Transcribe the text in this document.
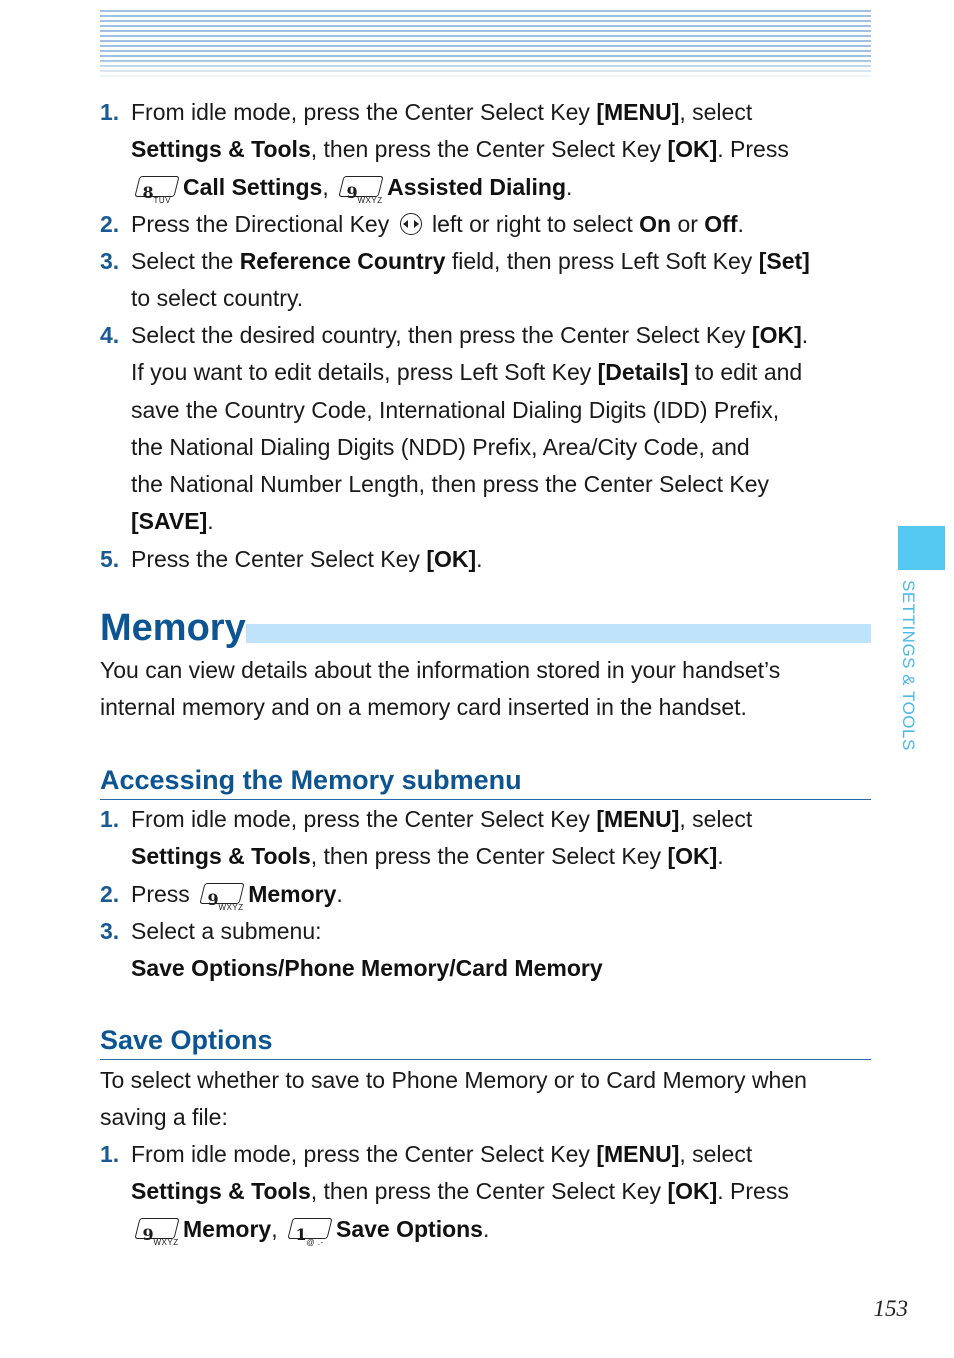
1. From idle mode, press the Center Select Key [MENU], select
Settings & Tools, then press the Center Select Key [OK]. Press

8 TUV
Call Settings, 9 WXYZ
Assisted Dialing.
2. Press the Directional Key  left or right to select On or Off.
3. Select the Reference Country field, then press Left Soft Key [Set]
to select country.
4. Select the desired country, then press the Center Select Key [OK].
If you want to edit details, press Left Soft Key [Details] to edit and
save the Country Code, International Dialing Digits (IDD) Prefix,
the National Dialing Digits (NDD) Prefix, Area/City Code, and
the National Number Length, then press the Center Select Key
[SAVE].
5. Press the Center Select Key [OK].
Memory

You can view details about the information stored in your handset’s
internal memory and on a memory card inserted in the handset.

Accessing the Memory submenu
1. From idle mode, press the Center Select Key [MENU], select
Settings & Tools, then press the Center Select Key [OK].
2. Press 9 WXYZ
Memory.
3. Select a submenu:
Save Options/Phone Memory/Card Memory
Save Options

To select whether to save to Phone Memory or to Card Memory when
saving a file:

1. From idle mode, press the Center Select Key [MENU], select
Settings & Tools, then press the Center Select Key [OK]. Press

9 WXYZ
Memory, 1 @ .-
Save Options.
SETTINGS & TOOLS
153
